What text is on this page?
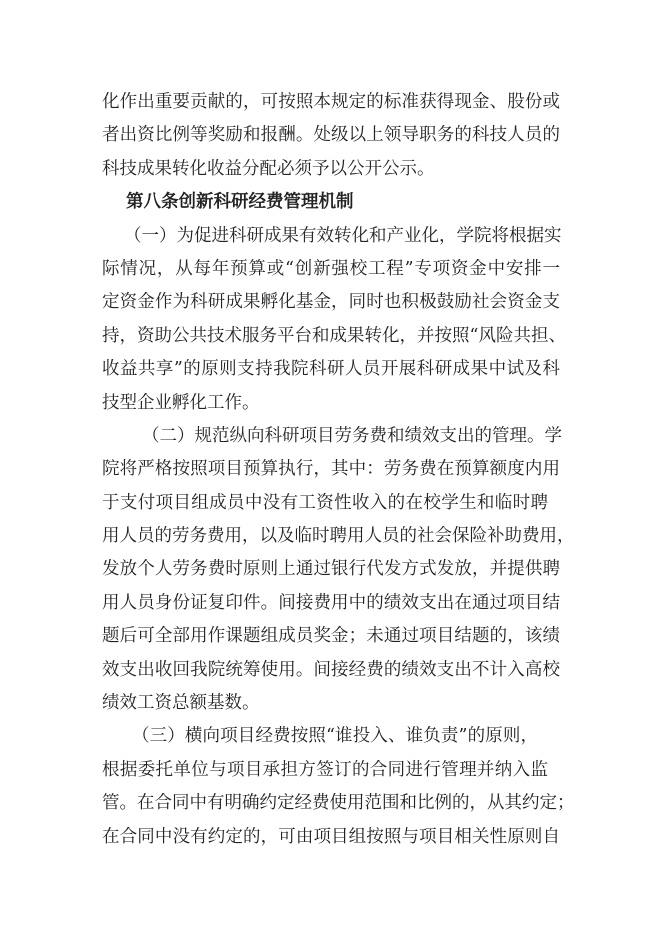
化作出重要贡献的，可按照本规定的标准获得现金、股份或
者出资比例等奖励和报酬。处级以上领导职务的科技人员的
科技成果转化收益分配必须予以公开公示。
第八条创新科研经费管理机制
（一）为促进科研成果有效转化和产业化，学院将根据实
际情况，从每年预算或“创新强校工程”专项资金中安排一
定资金作为科研成果孵化基金，同时也积极鼓励社会资金支
持，资助公共技术服务平台和成果转化，并按照“风险共担、
收益共享”的原则支持我院科研人员开展科研成果中试及科
技型企业孵化工作。
（二）规范纵向科研项目劳务费和绩效支出的管理。学
院将严格按照项目预算执行，其中：劳务费在预算额度内用
于支付项目组成员中没有工资性收入的在校学生和临时聘
用人员的劳务费用，以及临时聘用人员的社会保险补助费用，
发放个人劳务费时原则上通过银行代发方式发放，并提供聘
用人员身份证复印件。间接费用中的绩效支出在通过项目结
题后可全部用作课题组成员奖金；未通过项目结题的，该绩
效支出收回我院统筹使用。间接经费的绩效支出不计入高校
绩效工资总额基数。
（三）横向项目经费按照“谁投入、谁负责”的原则，
根据委托单位与项目承担方签订的合同进行管理并纳入监
管。在合同中有明确约定经费使用范围和比例的，从其约定；
在合同中没有约定的，可由项目组按照与项目相关性原则自
